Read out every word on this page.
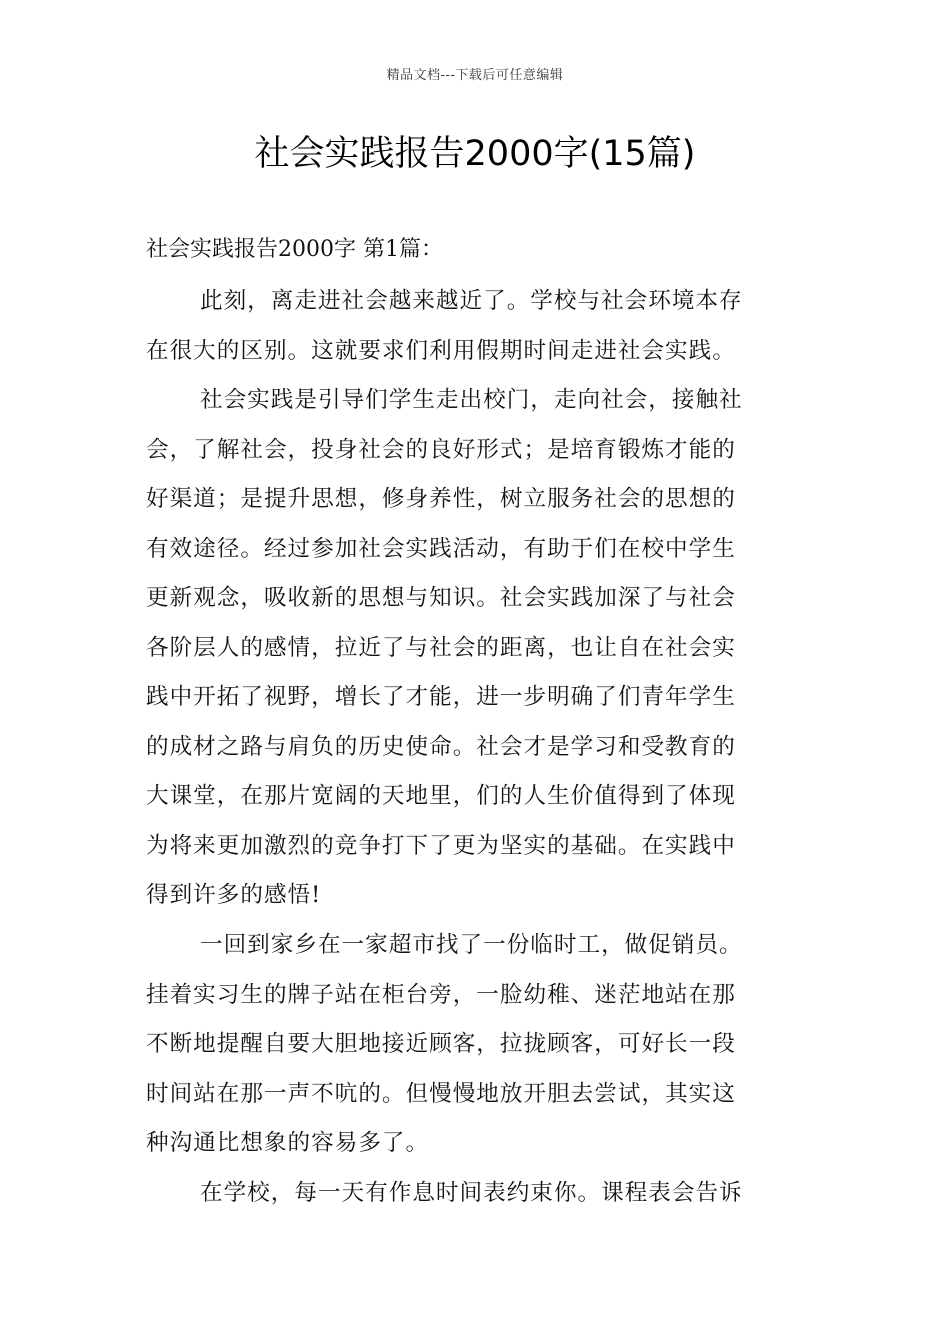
精品文档---下载后可任意编辑
社会实践报告2000字(15篇)
社会实践报告2000字 第1篇：
此刻，离走进社会越来越近了。学校与社会环境本存
在很大的区别。这就要求们利用假期时间走进社会实践。
社会实践是引导们学生走出校门，走向社会，接触社
会，了解社会，投身社会的良好形式；是培育锻炼才能的
好渠道；是提升思想，修身养性，树立服务社会的思想的
有效途径。经过参加社会实践活动，有助于们在校中学生
更新观念，吸收新的思想与知识。社会实践加深了与社会
各阶层人的感情，拉近了与社会的距离，也让自在社会实
践中开拓了视野，增长了才能，进一步明确了们青年学生
的成材之路与肩负的历史使命。社会才是学习和受教育的
大课堂，在那片宽阔的天地里，们的人生价值得到了体现
为将来更加激烈的竞争打下了更为坚实的基础。在实践中
得到许多的感悟!
一回到家乡在一家超市找了一份临时工，做促销员。
挂着实习生的牌子站在柜台旁，一脸幼稚、迷茫地站在那
不断地提醒自要大胆地接近顾客，拉拢顾客，可好长一段
时间站在那一声不吭的。但慢慢地放开胆去尝试，其实这
种沟通比想象的容易多了。
在学校，每一天有作息时间表约束你。课程表会告诉
